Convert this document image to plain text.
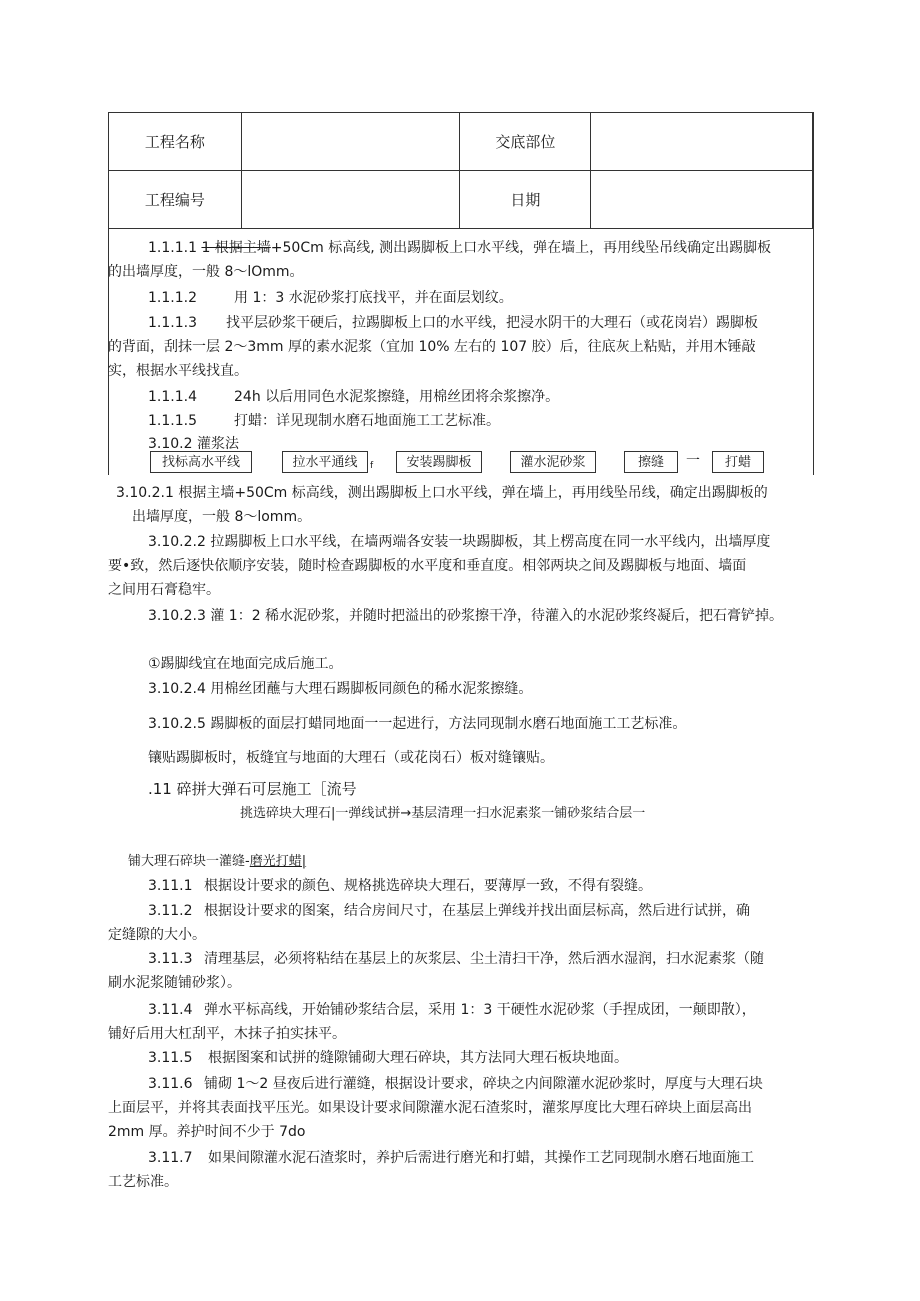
工程名称		交底部位	
工程编号		日期	
1.1.1.1 1 根据主墙+50Cm 标高线, 测出踢脚板上口水平线，弹在墙上，再用线坠吊线确定出踢脚板
的出墙厚度，一般 8～lOmm。
1.1.1.2	用 1：3 水泥砂浆打底找平，并在面层划纹。
1.1.1.3 找平层砂浆干硬后，拉踢脚板上口的水平线，把浸水阴干的大理石（或花岗岩）踢脚板
的背面，刮抹一层 2～3mm 厚的素水泥浆（宜加 10% 左右的 107 胶）后，往底灰上粘贴，并用木锤敲
实，根据水平线找直。
1.1.1.4	24h 以后用同色水泥浆擦缝，用棉丝团将余浆擦净。
1.1.1.5	打蜡：详见现制水磨石地面施工工艺标准。
3.10.2 灌浆法
找标高水平线	拉水平通线	f	安装踢脚板	灌水泥砂浆	擦缝	一	打蜡
3.10.2.1 根据主墙+50Cm 标高线，测出踢脚板上口水平线，弹在墙上，再用线坠吊线，确定出踢脚板的
出墙厚度，一般 8～lomm。
3.10.2.2 拉踢脚板上口水平线，在墙两端各安装一块踢脚板，其上楞高度在同一水平线内，出墙厚度
要•致，然后逐快依顺序安装，随时检查踢脚板的水平度和垂直度。相邻两块之间及踢脚板与地面、墙面
之间用石膏稳牢。
3.10.2.3 灌 1：2 稀水泥砂浆，并随时把溢出的砂浆擦干净，待灌入的水泥砂浆终凝后，把石膏铲掉。
①踢脚线宜在地面完成后施工。
3.10.2.4 用棉丝团蘸与大理石踢脚板同颜色的稀水泥浆擦缝。
3.10.2.5 踢脚板的面层打蜡同地面一一起进行，方法同现制水磨石地面施工工艺标准。
镶贴踢脚板时，板缝宜与地面的大理石（或花岗石）板对缝镶贴。
.11 碎拼大弹石可层施工［流号
挑选碎块大理石|一弹线试拼→基层清理一扫水泥素浆一铺砂浆结合层一
铺大理石碎块一灌缝-磨光打蜡|
3.11.1 根据设计要求的颜色、规格挑选碎块大理石，要薄厚一致，不得有裂缝。
3.11.2 根据设计要求的图案，结合房间尺寸，在基层上弹线并找出面层标高，然后进行试拼，确
定缝隙的大小。
3.11.3 清理基层，必须将粘结在基层上的灰浆层、尘土清扫干净，然后洒水湿润，扫水泥素浆（随
刷水泥浆随铺砂浆）。
3.11.4 弹水平标高线，开始铺砂浆结合层，采用 1：3 干硬性水泥砂浆（手捏成团，一颠即散），
铺好后用大杠刮平，木抹子拍实抹平。
3.11.5 根据图案和试拼的缝隙铺砌大理石碎块，其方法同大理石板块地面。
3.11.6 铺砌 1～2 昼夜后进行灌缝，根据设计要求，碎块之内间隙灌水泥砂浆时，厚度与大理石块
上面层平，并将其表面找平压光。如果设计要求间隙灌水泥石渣浆时，灌浆厚度比大理石碎块上面层高出
2mm 厚。养护时间不少于 7do
3.11.7 如果间隙灌水泥石渣浆时，养护后需进行磨光和打蜡，其操作工艺同现制水磨石地面施工
工艺标准。
